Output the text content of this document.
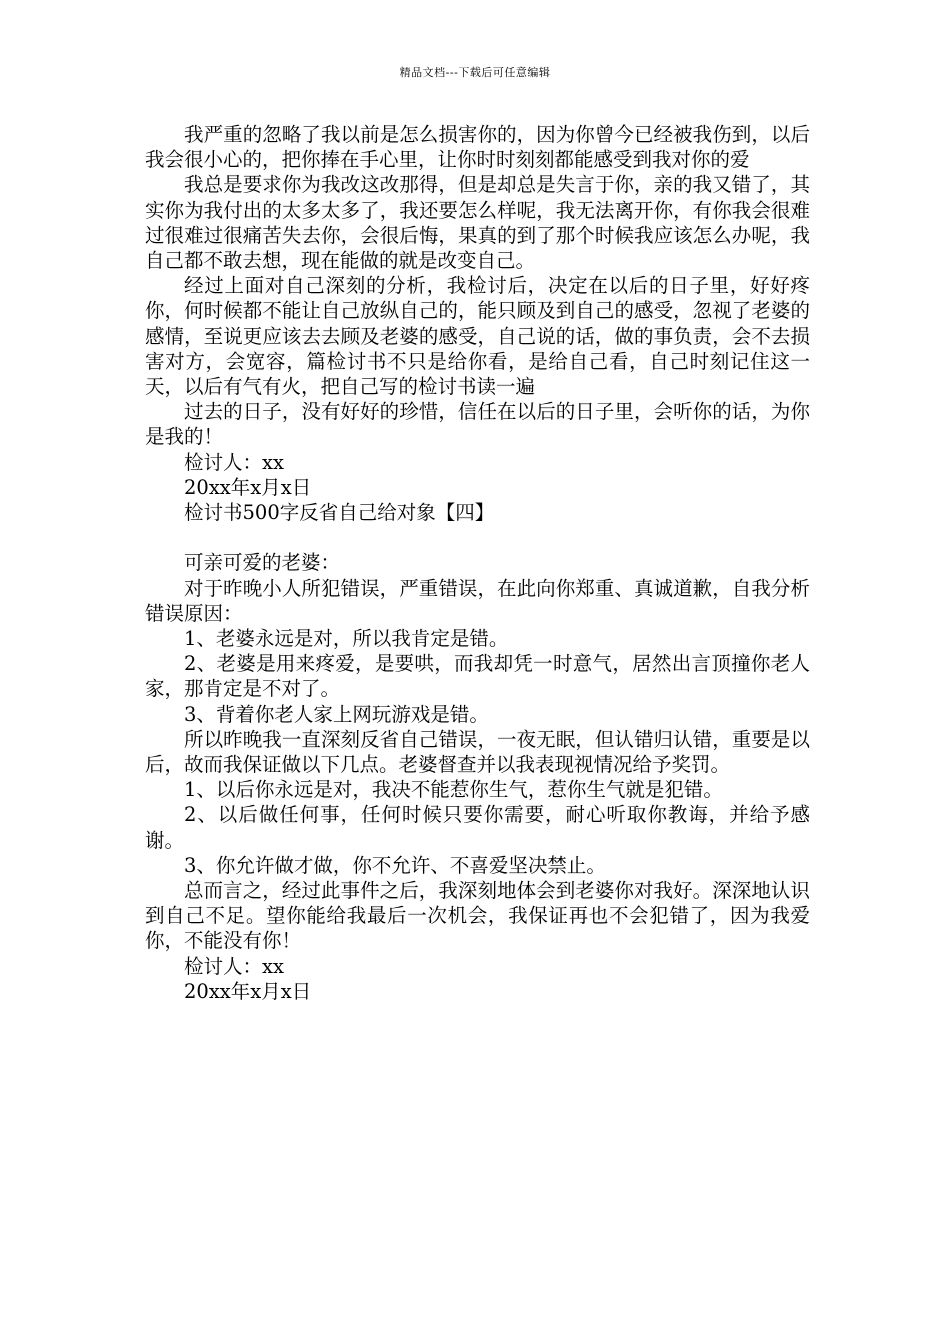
精品文档---下载后可任意编辑

我严重的忽略了我以前是怎么损害你的，因为你曾今已经被我伤到，以后我会很小心的，把你捧在手心里，让你时时刻刻都能感受到我对你的爱

我总是要求你为我改这改那得，但是却总是失言于你，亲的我又错了，其实你为我付出的太多太多了，我还要怎么样呢，我无法离开你，有你我会很难过很难过很痛苦失去你，会很后悔，果真的到了那个时候我应该怎么办呢，我自己都不敢去想，现在能做的就是改变自己。

经过上面对自己深刻的分析，我检讨后，决定在以后的日子里，好好疼你，何时候都不能让自己放纵自己的，能只顾及到自己的感受，忽视了老婆的感情，至说更应该去去顾及老婆的感受，自己说的话，做的事负责，会不去损害对方，会宽容，篇检讨书不只是给你看，是给自己看，自己时刻记住这一天，以后有气有火，把自己写的检讨书读一遍

过去的日子，没有好好的珍惜，信任在以后的日子里，会听你的话，为你是我的！

检讨人：xx

20xx年x月x日

检讨书500字反省自己给对象【四】

可亲可爱的老婆：

对于昨晚小人所犯错误，严重错误，在此向你郑重、真诚道歉，自我分析错误原因：

1、老婆永远是对，所以我肯定是错。

2、老婆是用来疼爱，是要哄，而我却凭一时意气，居然出言顶撞你老人家，那肯定是不对了。

3、背着你老人家上网玩游戏是错。

所以昨晚我一直深刻反省自己错误，一夜无眠，但认错归认错，重要是以后，故而我保证做以下几点。老婆督查并以我表现视情况给予奖罚。

1、以后你永远是对，我决不能惹你生气，惹你生气就是犯错。

2、以后做任何事，任何时候只要你需要，耐心听取你教诲，并给予感谢。

3、你允许做才做，你不允许、不喜爱坚决禁止。

总而言之，经过此事件之后，我深刻地体会到老婆你对我好。深深地认识到自己不足。望你能给我最后一次机会，我保证再也不会犯错了，因为我爱你，不能没有你！

检讨人：xx

20xx年x月x日
